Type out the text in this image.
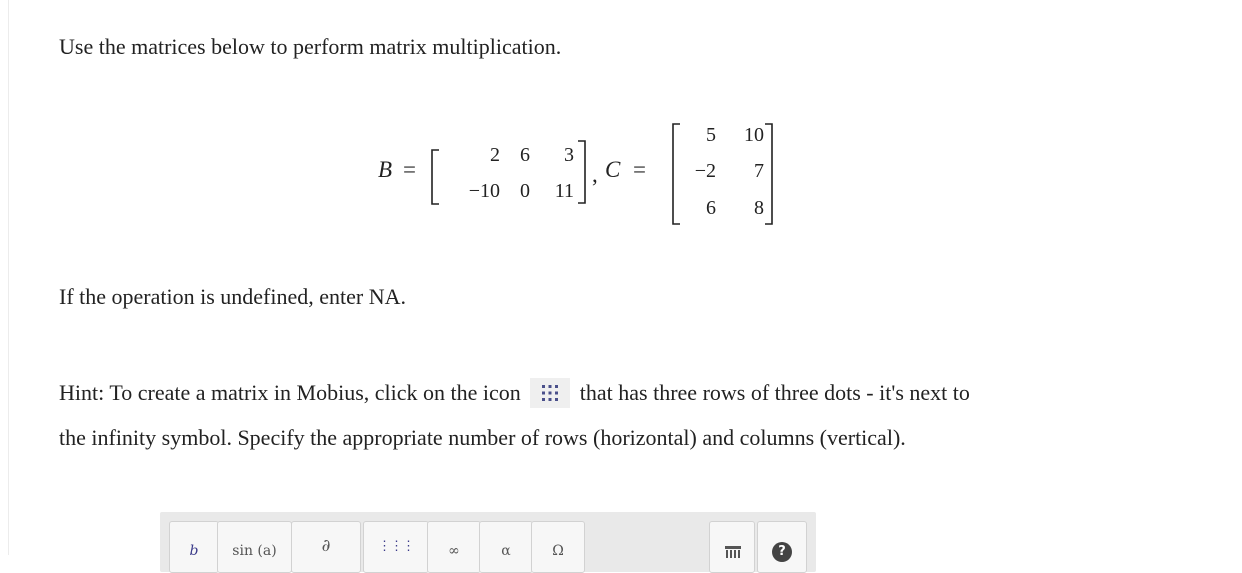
Use the matrices below to perform matrix multiplication.
B =
2	6	3
−10	0 11
, C =
5	10
−2	7
6	8
If the operation is undefined, enter NA.
Hint: To create a matrix in Mobius, click on the icon	that has three rows of three dots - it's next to
the infinity symbol. Specify the appropriate number of rows (horizontal) and columns (vertical).
b	sin (a)	∂	⋮⋮⋮	∞	α	Ω	?
